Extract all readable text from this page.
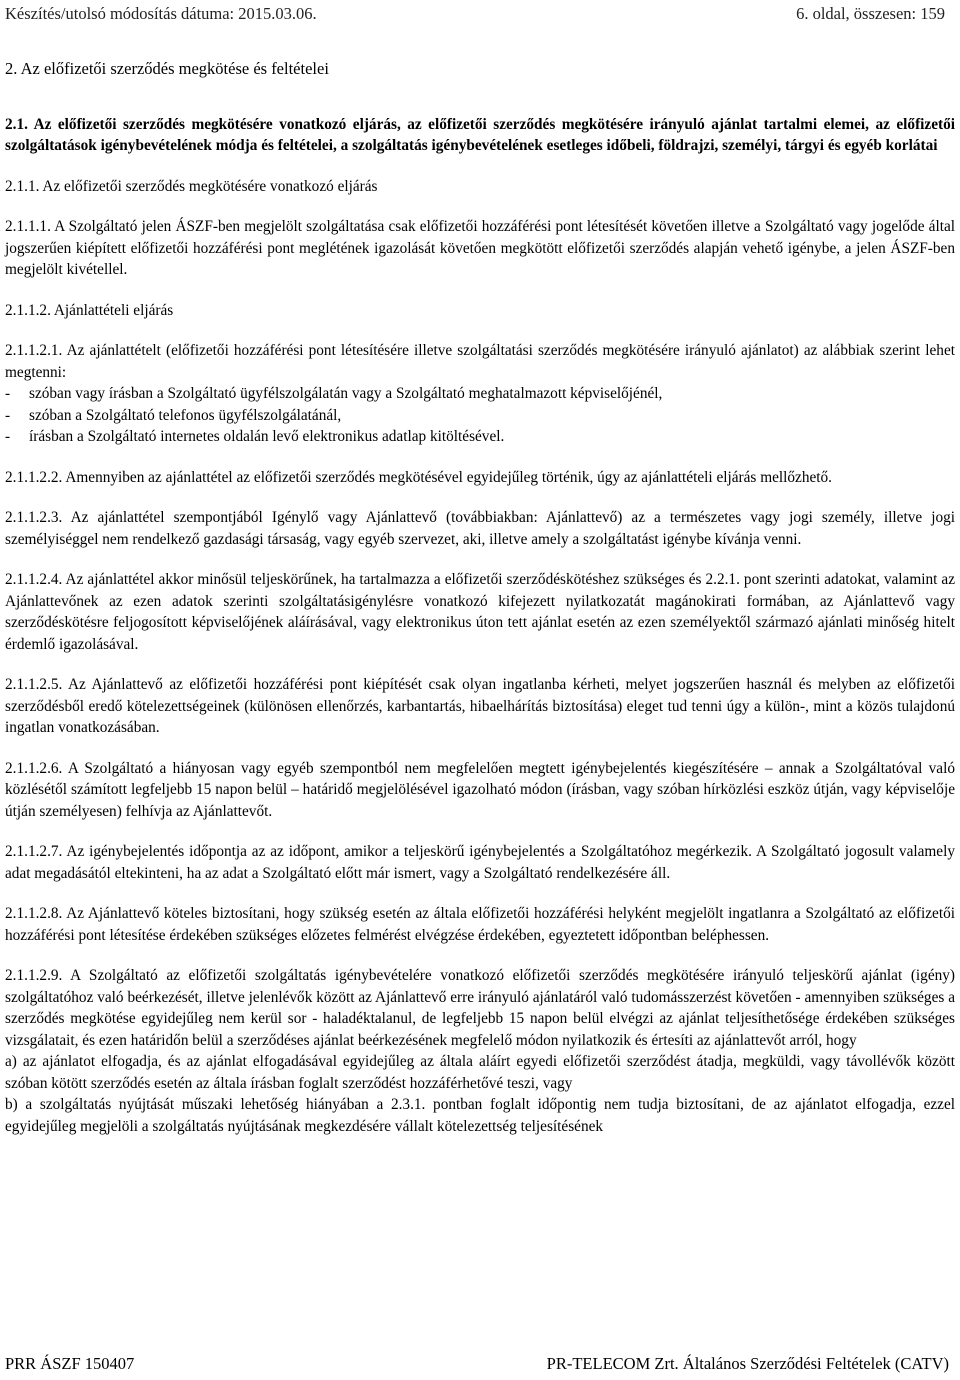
Készítés/utolsó módosítás dátuma: 2015.03.06.	6. oldal, összesen: 159

2. Az előfizetői szerződés megkötése és feltételei

2.1. Az előfizetői szerződés megkötésére vonatkozó eljárás, az előfizetői szerződés megkötésére irányuló ajánlat tartalmi elemei, az előfizetői szolgáltatások igénybevételének módja és feltételei, a szolgáltatás igénybevételének esetleges időbeli, földrajzi, személyi, tárgyi és egyéb korlátai

2.1.1. Az előfizetői szerződés megkötésére vonatkozó eljárás

2.1.1.1. A Szolgáltató jelen ÁSZF-ben megjelölt szolgáltatása csak előfizetői hozzáférési pont létesítését követően illetve a Szolgáltató vagy jogelőde által jogszerűen kiépített előfizetői hozzáférési pont meglétének igazolását követően megkötött előfizetői szerződés alapján vehető igénybe, a jelen ÁSZF-ben megjelölt kivétellel.

2.1.1.2. Ajánlattételi eljárás

2.1.1.2.1. Az ajánlattételt (előfizetői hozzáférési pont létesítésére illetve szolgáltatási szerződés megkötésére irányuló ajánlatot) az alábbiak szerint lehet megtenni:

-	szóban vagy írásban a Szolgáltató ügyfélszolgálatán vagy a Szolgáltató meghatalmazott képviselőjénél,
-	szóban a Szolgáltató telefonos ügyfélszolgálatánál,
-	írásban a Szolgáltató internetes oldalán levő elektronikus adatlap kitöltésével.

2.1.1.2.2. Amennyiben az ajánlattétel az előfizetői szerződés megkötésével egyidejűleg történik, úgy az ajánlattételi eljárás mellőzhető.

2.1.1.2.3. Az ajánlattétel szempontjából Igénylő vagy Ajánlattevő (továbbiakban: Ajánlattevő) az a természetes vagy jogi személy, illetve jogi személyiséggel nem rendelkező gazdasági társaság, vagy egyéb szervezet, aki, illetve amely a szolgáltatást igénybe kívánja venni.

2.1.1.2.4. Az ajánlattétel akkor minősül teljeskörűnek, ha tartalmazza a előfizetői szerződéskötéshez szükséges és 2.2.1. pont szerinti adatokat, valamint az Ajánlattevőnek az ezen adatok szerinti szolgáltatásigénylésre vonatkozó kifejezett nyilatkozatát magánokirati formában, az Ajánlattevő vagy szerződéskötésre feljogosított képviselőjének aláírásával, vagy elektronikus úton tett ajánlat esetén az ezen személyektől származó ajánlati minőség hitelt érdemlő igazolásával.

2.1.1.2.5. Az Ajánlattevő az előfizetői hozzáférési pont kiépítését csak olyan ingatlanba kérheti, melyet jogszerűen használ és melyben az előfizetői szerződésből eredő kötelezettségeinek (különösen ellenőrzés, karbantartás, hibaelhárítás biztosítása) eleget tud tenni úgy a külön-, mint a közös tulajdonú ingatlan vonatkozásában.

2.1.1.2.6. A Szolgáltató a hiányosan vagy egyéb szempontból nem megfelelően megtett igénybejelentés kiegészítésére – annak a Szolgáltatóval való közlésétől számított legfeljebb 15 napon belül – határidő megjelölésével igazolható módon (írásban, vagy szóban hírközlési eszköz útján, vagy képviselője útján személyesen) felhívja az Ajánlattevőt.

2.1.1.2.7. Az igénybejelentés időpontja az az időpont, amikor a teljeskörű igénybejelentés a Szolgáltatóhoz megérkezik. A Szolgáltató jogosult valamely adat megadásától eltekinteni, ha az adat a Szolgáltató előtt már ismert, vagy a Szolgáltató rendelkezésére áll.

2.1.1.2.8. Az Ajánlattevő köteles biztosítani, hogy szükség esetén az általa előfizetői hozzáférési helyként megjelölt ingatlanra a Szolgáltató az előfizetői hozzáférési pont létesítése érdekében szükséges előzetes felmérést elvégzése érdekében, egyeztetett időpontban beléphessen.

2.1.1.2.9. A Szolgáltató az előfizetői szolgáltatás igénybevételére vonatkozó előfizetői szerződés megkötésére irányuló teljeskörű ajánlat (igény) szolgáltatóhoz való beérkezését, illetve jelenlévők között az Ajánlattevő erre irányuló ajánlatáról való tudomásszerzést követően - amennyiben szükséges a szerződés megkötése egyidejűleg nem kerül sor - haladéktalanul, de legfeljebb 15 napon belül elvégzi az ajánlat teljesíthetősége érdekében szükséges vizsgálatait, és ezen határidőn belül a szerződéses ajánlat beérkezésének megfelelő módon nyilatkozik és értesíti az ajánlattevőt arról, hogy

a) az ajánlatot elfogadja, és az ajánlat elfogadásával egyidejűleg az általa aláírt egyedi előfizetői szerződést átadja, megküldi, vagy távollévők között szóban kötött szerződés esetén az általa írásban foglalt szerződést hozzáférhetővé teszi, vagy

b) a szolgáltatás nyújtását műszaki lehetőség hiányában a 2.3.1. pontban foglalt időpontig nem tudja biztosítani, de az ajánlatot elfogadja, ezzel egyidejűleg megjelöli a szolgáltatás nyújtásának megkezdésére vállalt kötelezettség teljesítésének

PRR ÁSZF 150407	PR-TELECOM Zrt. Általános Szerződési Feltételek (CATV)
